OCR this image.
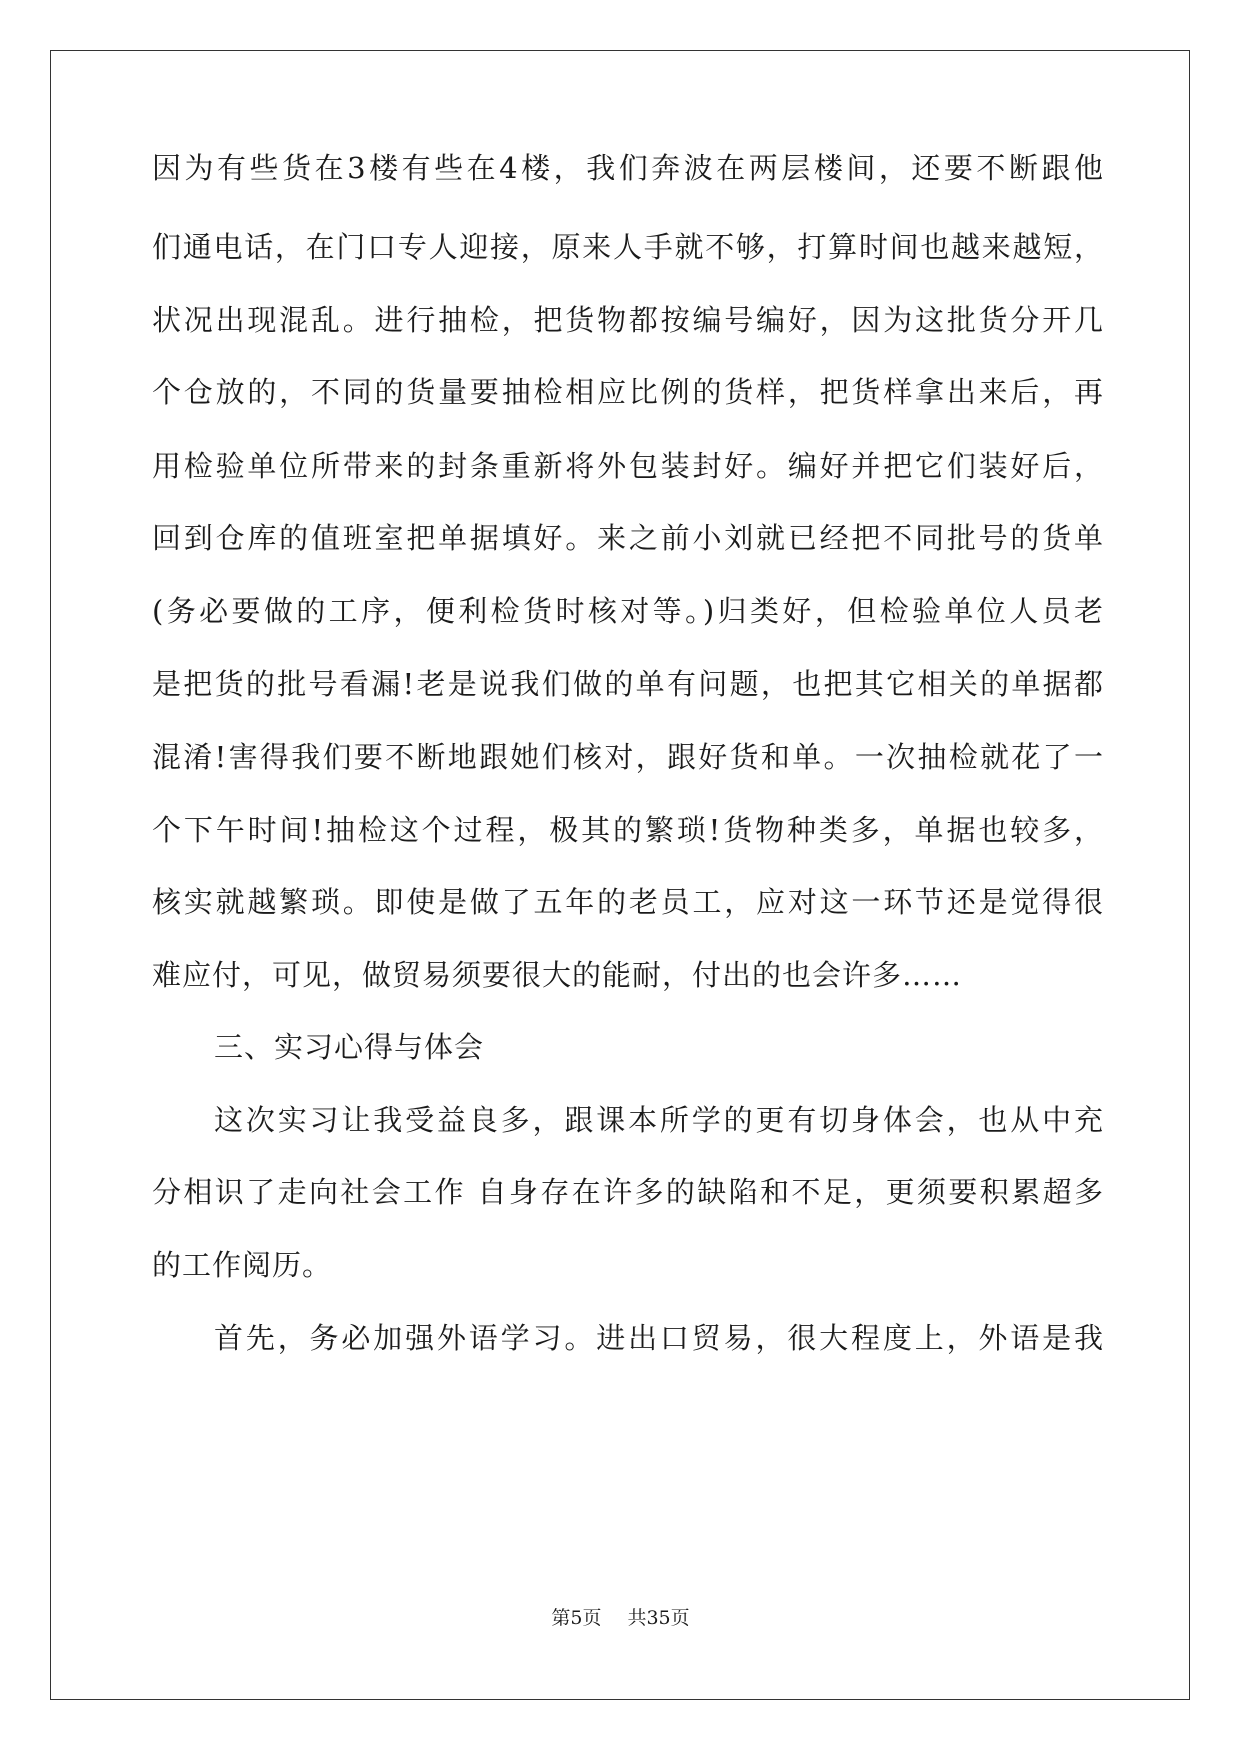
因为有些货在3楼有些在4楼，我们奔波在两层楼间，还要不断跟他
们通电话，在门口专人迎接，原来人手就不够，打算时间也越来越短，
状况出现混乱。进行抽检，把货物都按编号编好，因为这批货分开几
个仓放的，不同的货量要抽检相应比例的货样，把货样拿出来后，再
用检验单位所带来的封条重新将外包装封好。编好并把它们装好后，
回到仓库的值班室把单据填好。来之前小刘就已经把不同批号的货单
(务必要做的工序，便利检货时核对等。)归类好，但检验单位人员老
是把货的批号看漏!老是说我们做的单有问题，也把其它相关的单据都
混淆!害得我们要不断地跟她们核对，跟好货和单。一次抽检就花了一
个下午时间!抽检这个过程，极其的繁琐!货物种类多，单据也较多，
核实就越繁琐。即使是做了五年的老员工，应对这一环节还是觉得很
难应付，可见，做贸易须要很大的能耐，付出的也会许多……
三、实习心得与体会
这次实习让我受益良多，跟课本所学的更有切身体会，也从中充
分相识了走向社会工作 自身存在许多的缺陷和不足，更须要积累超多
的工作阅历。
首先，务必加强外语学习。进出口贸易，很大程度上，外语是我
第5页 共35页
